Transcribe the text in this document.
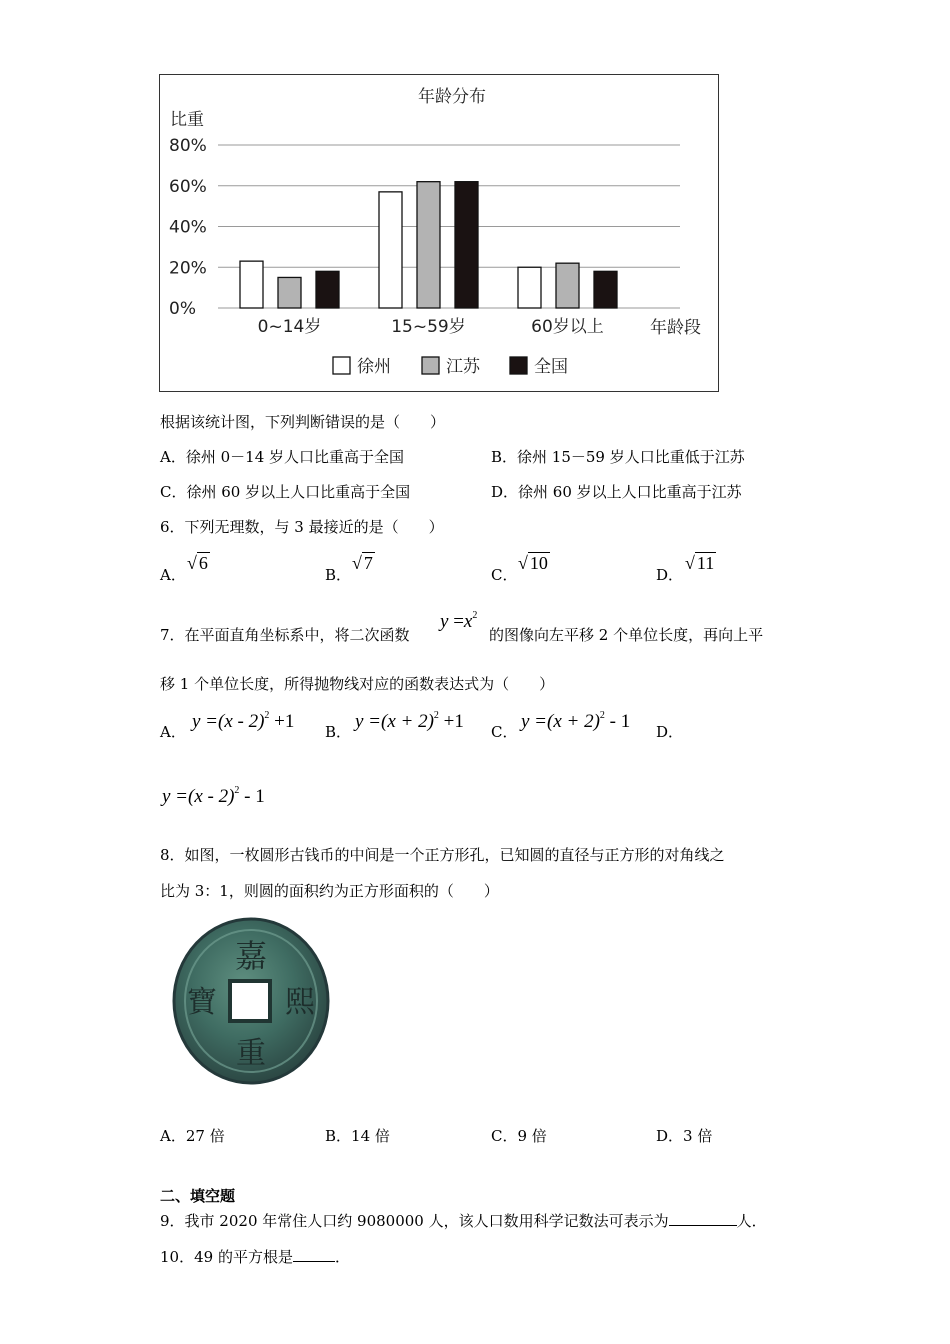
年龄分布
比重
年龄段
80%
60%
40%
20%
0%
0~14岁	15~59岁	60岁以上
徐州	江苏	全国
根据该统计图，下列判断错误的是（　　）
A．徐州 0－14 岁人口比重高于全国	B．徐州 15－59 岁人口比重低于江苏
C．徐州 60 岁以上人口比重高于全国	D．徐州 60 岁以上人口比重高于江苏
6．下列无理数，与 3 最接近的是（　　）
A．
√ 6
B．
√ 7
C．
√ 10
D．
√ 11
7．在平面直角坐标系中，将二次函数
$y =x^2$
的图像向左平移 2 个单位长度，再向上平
移 1 个单位长度，所得抛物线对应的函数表达式为（　　）
A． y =(x - 2)$^2$ +1 B． $y =(x + 2)^2 +1$ C． $y =(x + 2)^2 - 1$ D．
y =(x - 2)$^2$ - 1
8．如图，一枚圆形古钱币的中间是一个正方形孔，已知圆的直径与正方形的对角线之
比为 3：1，则圆的面积约为正方形面积的（　　）
嘉
熙
重
寶
A．27 倍	B．14 倍	C．9 倍	D．3 倍
二、填空题
9．我市 2020 年常住人口约 9080000 人，该人口数用科学记数法可表示为	人．
10．49 的平方根是	．
